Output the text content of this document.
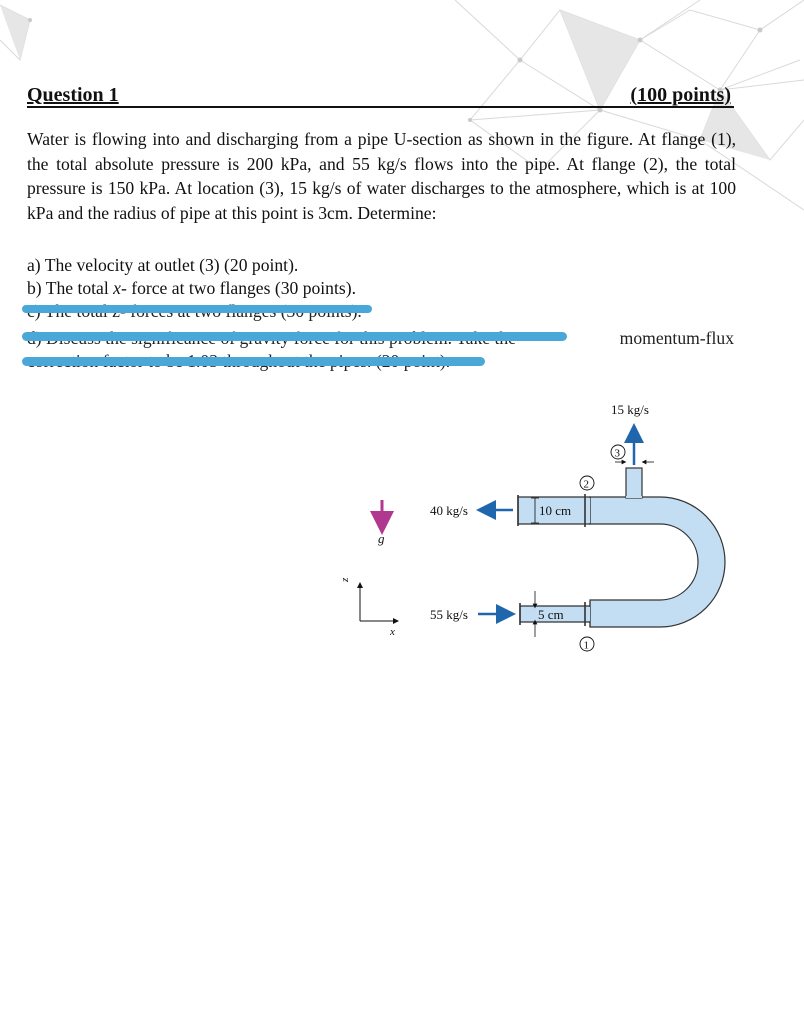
Question 1	(100 points)

Water is flowing into and discharging from a pipe U-section as shown in the figure. At flange (1), the total absolute pressure is 200 kPa, and 55 kg/s flows into the pipe. At flange (2), the total pressure is 150 kPa. At location (3), 15 kg/s of water discharges to the atmosphere, which is at 100 kPa and the radius of pipe at this point is 3cm. Determine:

a) The velocity at outlet (3) (20 point).

b) The total x- force at two flanges (30 points).

momentum-flux

g
z
x
10 cm
5 cm
15 kg/s
40 kg/s
55 kg/s
3
2
1
